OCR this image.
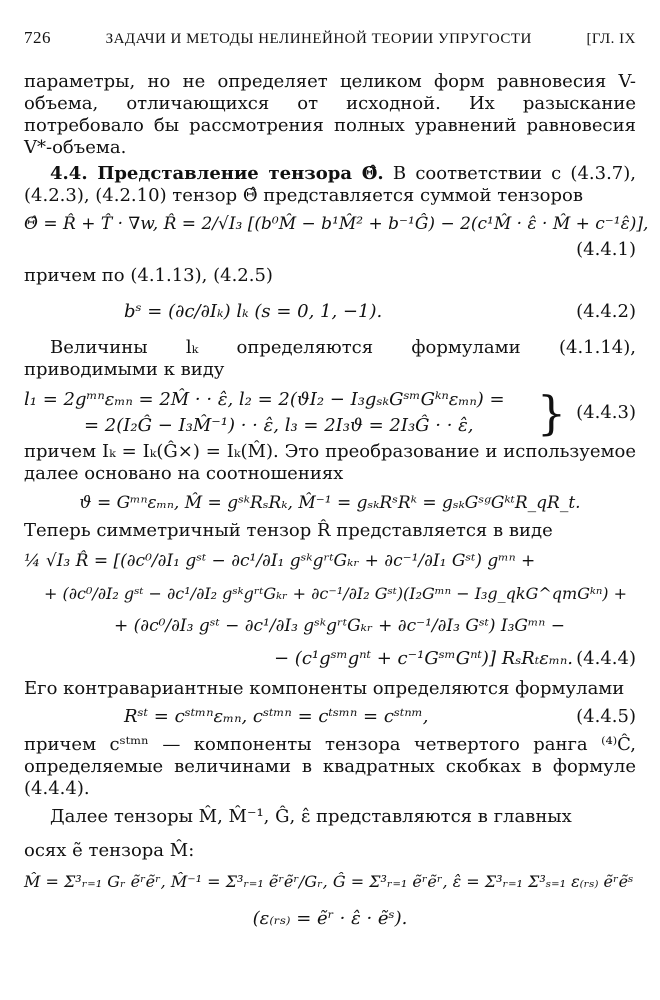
726	ЗАДАЧИ И МЕТОДЫ НЕЛИНЕЙНОЙ ТЕОРИИ УПРУГОСТИ	[ГЛ. IX

параметры, но не определяет целиком форм равновесия V-объема, отличающихся от исходной. Их разыскание потребовало бы рассмотрения полных уравнений равновесия V*-объема.

4.4. Представление тензора Θ̂. В соответствии с (4.3.7), (4.2.3), (4.2.10) тензор Θ̂ представляется суммой тензоров

Θ̂ = R̂ + T̂ · ∇w, R̂ = 2/√I₃ [(b⁰M̂ − b¹M̂² + b⁻¹Ĝ) − 2(c¹M̂ · ε̂ · M̂ + c⁻¹ε̂)],
(4.4.1)

причем по (4.1.13), (4.2.5)

bˢ = (∂c/∂Iₖ) lₖ (s = 0, 1, −1).	(4.4.2)

Величины lₖ определяются формулами (4.1.14), приводимыми к виду

l₁ = 2gᵐⁿεₘₙ = 2M̂ · · ε̂, l₂ = 2(ϑI₂ − I₃gₛₖGˢᵐGᵏⁿεₘₙ) =
= 2(I₂Ĝ − I₃M̂⁻¹) · · ε̂, l₃ = 2I₃ϑ = 2I₃Ĝ · · ε̂,	} (4.4.3)

причем Iₖ = Iₖ(Ĝ×) = Iₖ(M̂). Это преобразование и используемое далее основано на соотношениях

ϑ = Gᵐⁿεₘₙ, M̂ = gˢᵏRₛRₖ, M̂⁻¹ = gₛₖRˢRᵏ = gₛₖGˢᵍGᵏᵗR_qR_t.

Теперь симметричный тензор R̂ представляется в виде

¼ √I₃ R̂ = [(∂c⁰/∂I₁ gˢᵗ − ∂c¹/∂I₁ gˢᵏgʳᵗGₖᵣ + ∂c⁻¹/∂I₁ Gˢᵗ) gᵐⁿ +
+ (∂c⁰/∂I₂ gˢᵗ − ∂c¹/∂I₂ gˢᵏgʳᵗGₖᵣ + ∂c⁻¹/∂I₂ Gˢᵗ)(I₂Gᵐⁿ − I₃g_qkG^qmGᵏⁿ) +
+ (∂c⁰/∂I₃ gˢᵗ − ∂c¹/∂I₃ gˢᵏgʳᵗGₖᵣ + ∂c⁻¹/∂I₃ Gˢᵗ) I₃Gᵐⁿ −
− (c¹gˢᵐgⁿᵗ + c⁻¹GˢᵐGⁿᵗ)] RₛRₜεₘₙ. (4.4.4)

Его контравариантные компоненты определяются формулами

Rˢᵗ = cˢᵗᵐⁿεₘₙ, cˢᵗᵐⁿ = cᵗˢᵐⁿ = cˢᵗⁿᵐ,	(4.4.5)

причем cˢᵗᵐⁿ — компоненты тензора четвертого ранга ⁽⁴⁾Ĉ, определяемые величинами в квадратных скобках в формуле (4.4.4).

Далее тензоры M̂, M̂⁻¹, Ĝ, ε̂ представляются в главных

осях ẽ тензора M̂:

M̂ = Σ³ᵣ₌₁ Gᵣ ẽʳẽʳ, M̂⁻¹ = Σ³ᵣ₌₁ ẽʳẽʳ/Gᵣ, Ĝ = Σ³ᵣ₌₁ ẽʳẽʳ, ε̂ = Σ³ᵣ₌₁ Σ³ₛ₌₁ ε₍ᵣₛ₎ ẽʳẽˢ
(ε₍ᵣₛ₎ = ẽʳ · ε̂ · ẽˢ).
